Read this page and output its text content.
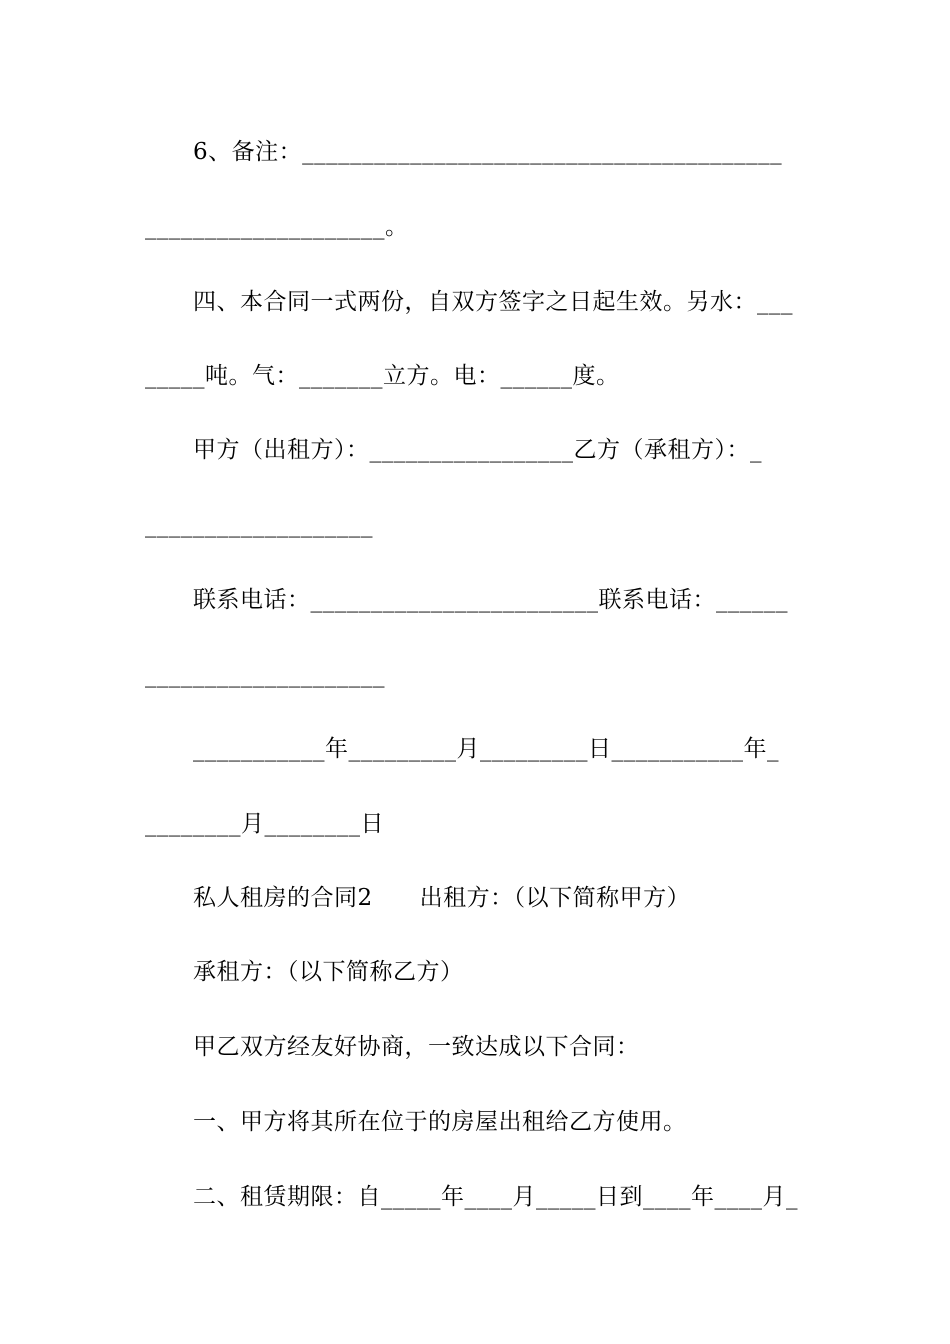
6、备注：________________________________________

____________________。

四、本合同一式两份，自双方签字之日起生效。另水：___

_____吨。气：_______立方。电：______度。

甲方（出租方）：_________________乙方（承租方）：_

___________________

联系电话：________________________联系电话：______

____________________

___________年_________月_________日___________年_

________月________日

私人租房的合同2　　出租方：（以下简称甲方）

承租方：（以下简称乙方）

甲乙双方经友好协商，一致达成以下合同：

一、甲方将其所在位于的房屋出租给乙方使用。

二、租赁期限：自_____年____月_____日到____年____月_
